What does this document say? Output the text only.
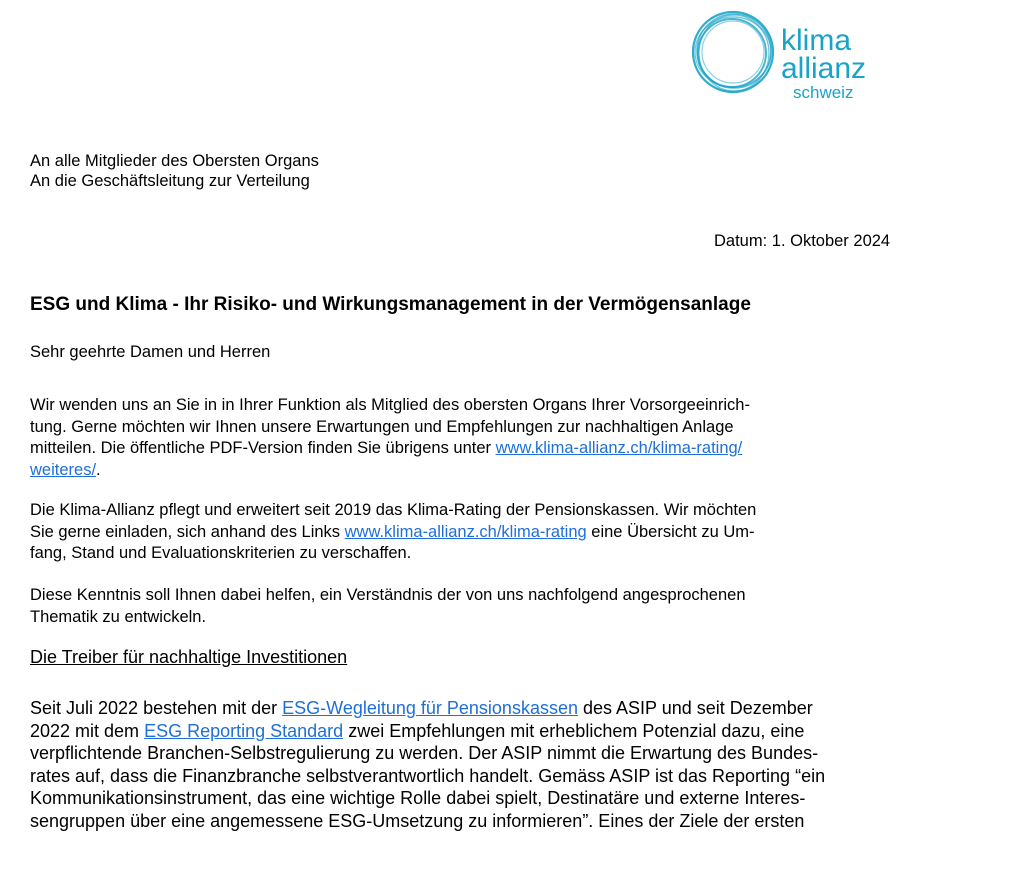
klima
allianz
schweiz
An alle Mitglieder des Obersten Organs
An die Geschäftsleitung zur Verteilung
Datum: 1. Oktober 2024
ESG und Klima - Ihr Risiko- und Wirkungsmanagement in der Vermögensanlage
Sehr geehrte Damen und Herren

Wir wenden uns an Sie in in Ihrer Funktion als Mitglied des obersten Organs Ihrer Vorsorgeeinrich-
tung. Gerne möchten wir Ihnen unsere Erwartungen und Empfehlungen zur nachhaltigen Anlage
mitteilen. Die öffentliche PDF-Version finden Sie übrigens unter www.klima-allianz.ch/klima-rating/
weiteres/.

Die Klima-Allianz pflegt und erweitert seit 2019 das Klima-Rating der Pensionskassen. Wir möchten
Sie gerne einladen, sich anhand des Links www.klima-allianz.ch/klima-rating eine Übersicht zu Um-
fang, Stand und Evaluationskriterien zu verschaffen.

Diese Kenntnis soll Ihnen dabei helfen, ein Verständnis der von uns nachfolgend angesprochenen
Thematik zu entwickeln.

Die Treiber für nachhaltige Investitionen

Seit Juli 2022 bestehen mit der ESG-Wegleitung für Pensionskassen des ASIP und seit Dezember
2022 mit dem ESG Reporting Standard zwei Empfehlungen mit erheblichem Potenzial dazu, eine
verpflichtende Branchen-Selbstregulierung zu werden. Der ASIP nimmt die Erwartung des Bundes-
rates auf, dass die Finanzbranche selbstverantwortlich handelt. Gemäss ASIP ist das Reporting “ein
Kommunikationsinstrument, das eine wichtige Rolle dabei spielt, Destinatäre und externe Interes-
sengruppen über eine angemessene ESG-Umsetzung zu informieren”. Eines der Ziele der ersten
